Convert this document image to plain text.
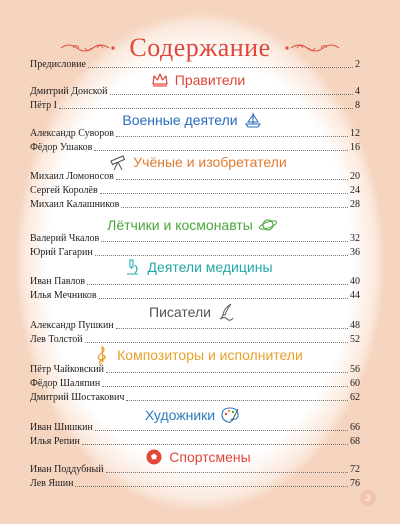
Содержание
Предисловие	2
Правители
Дмитрий Донской	4
Пётр I	8
Военные деятели
Александр Суворов	12
Фёдор Ушаков	16
Учёные и изобретатели
Михаил Ломоносов	20
Сергей Королёв	24
Михаил Калашников	28
Лётчики и космонавты
Валерий Чкалов	32
Юрий Гагарин	36
Деятели медицины
Иван Павлов	40
Илья Мечников	44
Писатели
Александр Пушкин	48
Лев Толстой	52
Композиторы и исполнители
Пётр Чайковский	56
Фёдор Шаляпин	60
Дмитрий Шостакович	62
Художники
Иван Шишкин	66
Илья Репин	68
Спортсмены
Иван Поддубный	72
Лев Яшин	76
3
